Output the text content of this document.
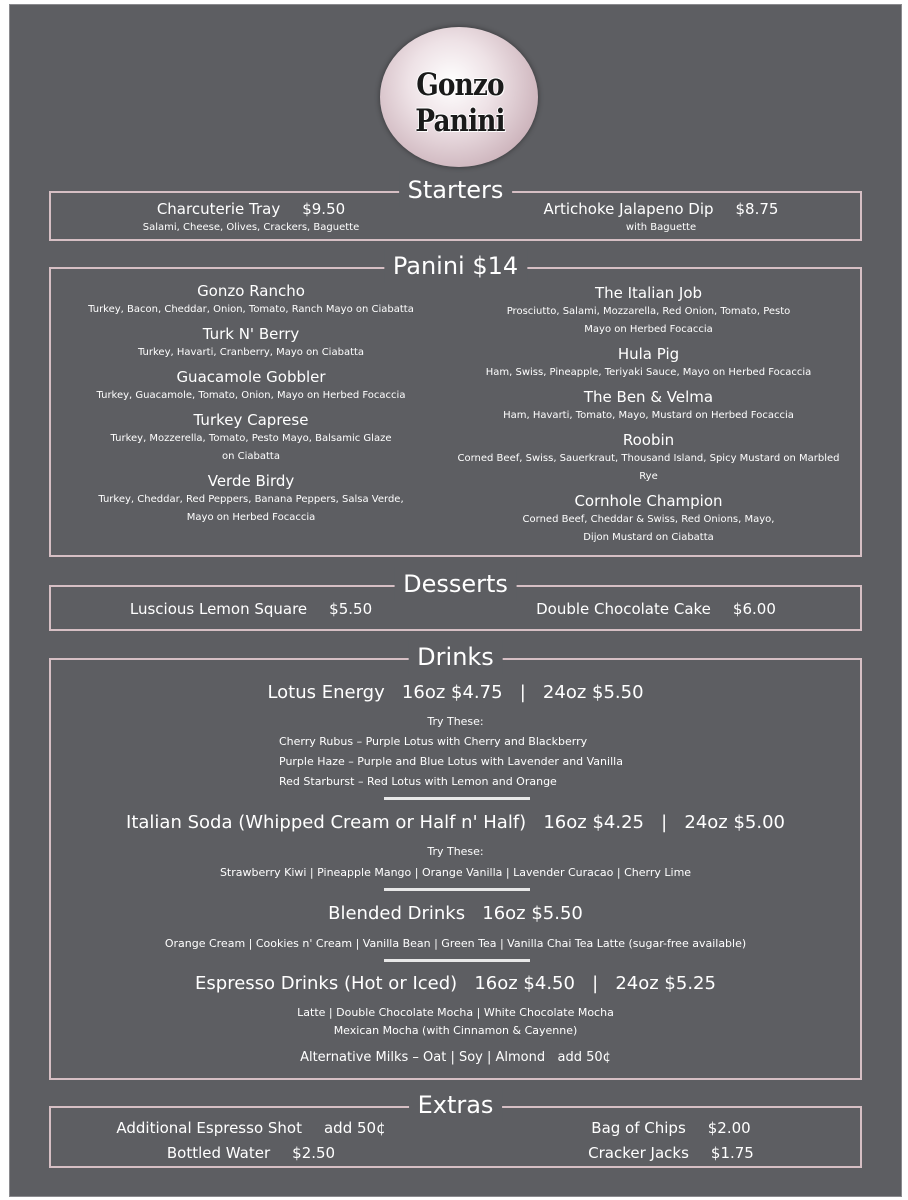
Gonzo Panini
Starters
Charcuterie Tray $9.50
Salami, Cheese, Olives, Crackers, Baguette
Artichoke Jalapeno Dip $8.75
with Baguette
Panini $14
Gonzo Rancho
Turkey, Bacon, Cheddar, Onion, Tomato, Ranch Mayo on Ciabatta
Turk N' Berry
Turkey, Havarti, Cranberry, Mayo on Ciabatta
Guacamole Gobbler
Turkey, Guacamole, Tomato, Onion, Mayo on Herbed Focaccia
Turkey Caprese
Turkey, Mozzerella, Tomato, Pesto Mayo, Balsamic Glaze
on Ciabatta
Verde Birdy
Turkey, Cheddar, Red Peppers, Banana Peppers, Salsa Verde,
Mayo on Herbed Focaccia
The Italian Job
Prosciutto, Salami, Mozzarella, Red Onion, Tomato, Pesto
Mayo on Herbed Focaccia
Hula Pig
Ham, Swiss, Pineapple, Teriyaki Sauce, Mayo on Herbed Focaccia
The Ben & Velma
Ham, Havarti, Tomato, Mayo, Mustard on Herbed Focaccia
Roobin
Corned Beef, Swiss, Sauerkraut, Thousand Island, Spicy Mustard on Marbled Rye
Cornhole Champion
Corned Beef, Cheddar & Swiss, Red Onions, Mayo,
Dijon Mustard on Ciabatta
Desserts
Luscious Lemon Square $5.50	Double Chocolate Cake $6.00
Drinks
Lotus Energy   16oz $4.75   |   24oz $5.50
Try These:
Cherry Rubus – Purple Lotus with Cherry and Blackberry
Purple Haze – Purple and Blue Lotus with Lavender and Vanilla
Red Starburst – Red Lotus with Lemon and Orange
Italian Soda (Whipped Cream or Half n' Half)   16oz $4.25   |   24oz $5.00
Try These:
Strawberry Kiwi | Pineapple Mango | Orange Vanilla | Lavender Curacao | Cherry Lime
Blended Drinks   16oz $5.50
Orange Cream | Cookies n' Cream | Vanilla Bean | Green Tea | Vanilla Chai Tea Latte (sugar-free available)
Espresso Drinks (Hot or Iced)   16oz $4.50   |   24oz $5.25
Latte | Double Chocolate Mocha | White Chocolate Mocha
Mexican Mocha (with Cinnamon & Cayenne)
Alternative Milks – Oat | Soy | Almond   add 50¢
Extras
Additional Espresso Shot add 50¢
Bottled Water $2.50
Bag of Chips $2.00
Cracker Jacks $1.75
